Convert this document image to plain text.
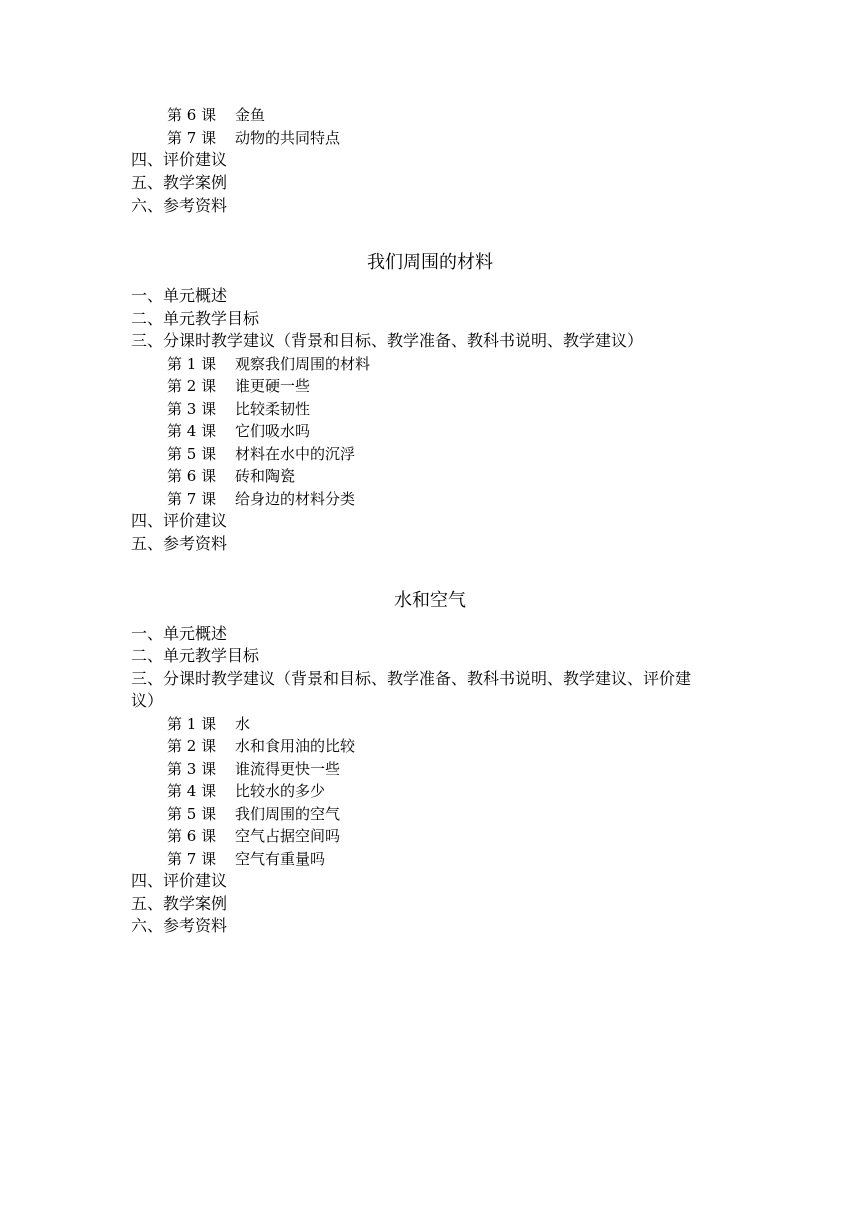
第 6 课 金鱼
第 7 课 动物的共同特点
四、评价建议
五、教学案例
六、参考资料
我们周围的材料
一、单元概述
二、单元教学目标
三、分课时教学建议（背景和目标、教学准备、教科书说明、教学建议）
第 1 课 观察我们周围的材料
第 2 课 谁更硬一些
第 3 课 比较柔韧性
第 4 课 它们吸水吗
第 5 课 材料在水中的沉浮
第 6 课 砖和陶瓷
第 7 课 给身边的材料分类
四、评价建议
五、参考资料
水和空气
一、单元概述
二、单元教学目标
三、分课时教学建议（背景和目标、教学准备、教科书说明、教学建议、评价建
议）
第 1 课 水
第 2 课 水和食用油的比较
第 3 课 谁流得更快一些
第 4 课 比较水的多少
第 5 课 我们周围的空气
第 6 课 空气占据空间吗
第 7 课 空气有重量吗
四、评价建议
五、教学案例
六、参考资料
